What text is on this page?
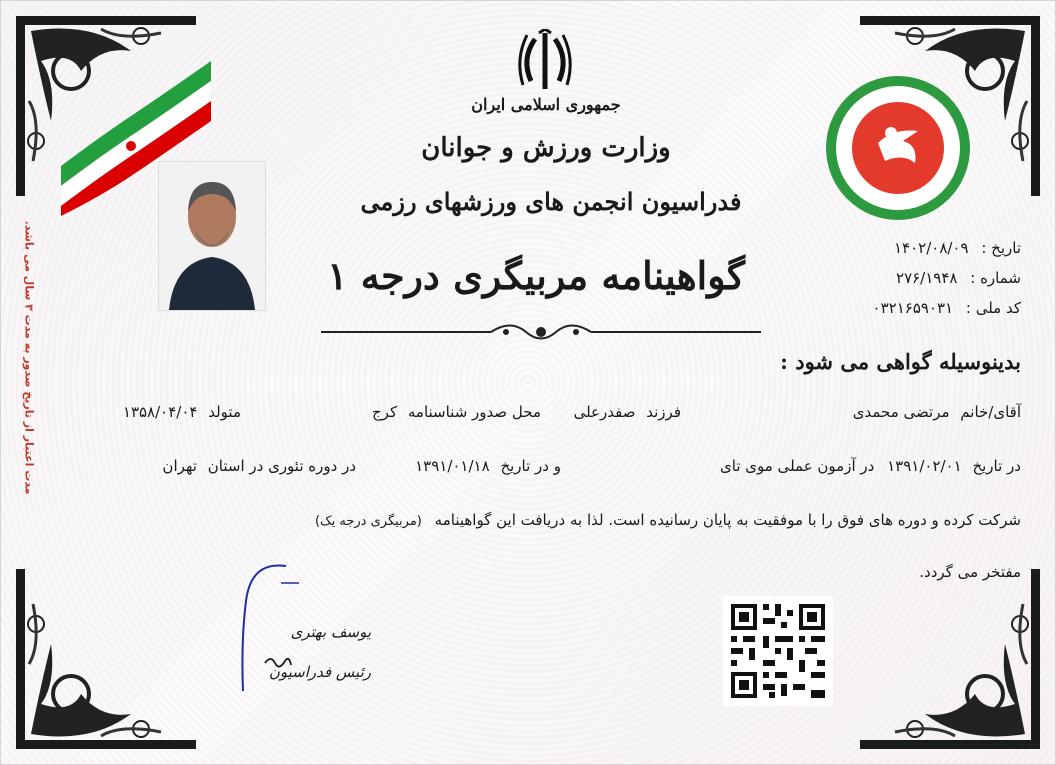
جمهوری اسلامی ایران
وزارت ورزش و جوانان
فدراسیون انجمن های ورزشهای رزمی
تاریخ : ۱۴۰۲/۰۸/۰۹
شماره : ۲۷۶/۱۹۴۸
کد ملی : ۰۳۲۱۶۵۹۰۳۱
گواهینامه مربیگری درجه ۱
مدت اعتبار از تاریخ صدور به مدت ۳ سال می باشد.	بدینوسیله گواهی می شود :
آقای/خانم مرتضی محمدی
فرزند صفدرعلی
محل صدور شناسنامه کرج
متولد ۱۳۵۸/۰۴/۰۴
در تاریخ ۱۳۹۱/۰۲/۰۱ در آزمون عملی موی تای
و در تاریخ ۱۳۹۱/۰۱/۱۸
در دوره تئوری در استان تهران
شرکت کرده و دوره های فوق را با موفقیت به پایان رسانیده است. لذا به دریافت این گواهینامه (مربیگری درجه یک)
مفتخر می گردد.
یوسف بهتری
رئیس فدراسیون
